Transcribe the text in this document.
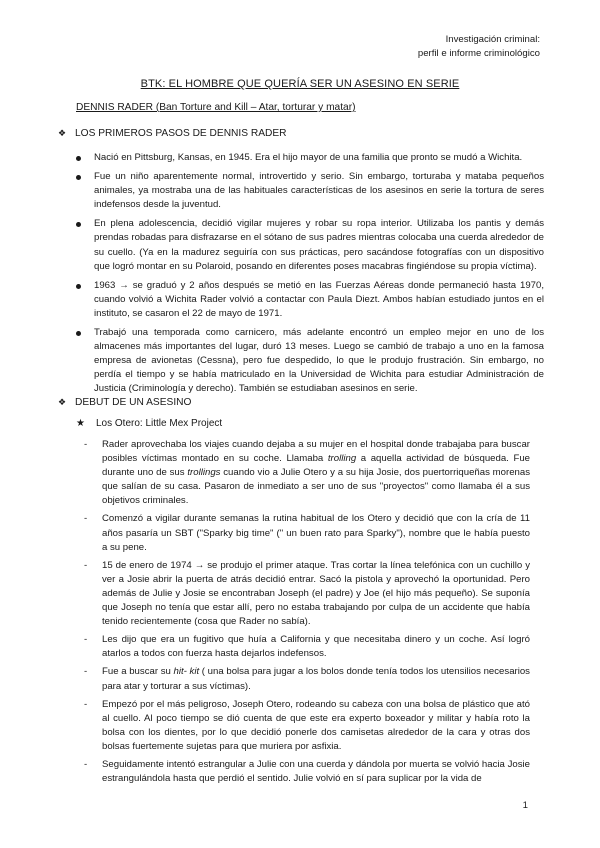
Investigación criminal:
perfil e informe criminológico
BTK: EL HOMBRE QUE QUERÍA SER UN ASESINO EN SERIE
DENNIS RADER (Ban Torture and Kill – Atar, torturar y matar)
❖ LOS PRIMEROS PASOS DE DENNIS RADER
Nació en Pittsburg, Kansas, en 1945. Era el hijo mayor de una familia que pronto se mudó a Wichita.
Fue un niño aparentemente normal, introvertido y serio. Sin embargo, torturaba y mataba pequeños animales, ya mostraba una de las habituales características de los asesinos en serie la tortura de seres indefensos desde la juventud.
En plena adolescencia, decidió vigilar mujeres y robar su ropa interior. Utilizaba los pantis y demás prendas robadas para disfrazarse en el sótano de sus padres mientras colocaba una cuerda alrededor de su cuello. (Ya en la madurez seguiría con sus prácticas, pero sacándose fotografías con un dispositivo que logró montar en su Polaroid, posando en diferentes poses macabras fingiéndose su propia víctima).
1963 → se graduó y 2 años después se metió en las Fuerzas Aéreas donde permaneció hasta 1970, cuando volvió a Wichita Rader volvió a contactar con Paula Diezt. Ambos habían estudiado juntos en el instituto, se casaron el 22 de mayo de 1971.
Trabajó una temporada como carnicero, más adelante encontró un empleo mejor en uno de los almacenes más importantes del lugar, duró 13 meses. Luego se cambió de trabajo a uno en la famosa empresa de avionetas (Cessna), pero fue despedido, lo que le produjo frustración. Sin embargo, no perdía el tiempo y se había matriculado en la Universidad de Wichita para estudiar Administración de Justicia (Criminología y derecho). También se estudiaban asesinos en serie.
❖ DEBUT DE UN ASESINO
★	Los Otero: Little Mex Project
- Rader aprovechaba los viajes cuando dejaba a su mujer en el hospital donde trabajaba para buscar posibles víctimas montado en su coche. Llamaba trolling a aquella actividad de búsqueda. Fue durante uno de sus trollings cuando vio a Julie Otero y a su hija Josie, dos puertorriqueñas morenas que salían de su casa. Pasaron de inmediato a ser uno de sus "proyectos" como llamaba él a sus objetivos criminales.
- Comenzó a vigilar durante semanas la rutina habitual de los Otero y decidió que con la cría de 11 años pasaría un SBT ("Sparky big time" (" un buen rato para Sparky"), nombre que le había puesto a su pene.
- 15 de enero de 1974 → se produjo el primer ataque. Tras cortar la línea telefónica con un cuchillo y ver a Josie abrir la puerta de atrás decidió entrar. Sacó la pistola y aprovechó la oportunidad. Pero además de Julie y Josie se encontraban Joseph (el padre) y Joe (el hijo más pequeño). Se suponía que Joseph no tenía que estar allí, pero no estaba trabajando por culpa de un accidente que había tenido recientemente (cosa que Rader no sabía).
- Les dijo que era un fugitivo que huía a California y que necesitaba dinero y un coche. Así logró atarlos a todos con fuerza hasta dejarlos indefensos.
- Fue a buscar su hit- kit ( una bolsa para jugar a los bolos donde tenía todos los utensilios necesarios para atar y torturar a sus víctimas).
- Empezó por el más peligroso, Joseph Otero, rodeando su cabeza con una bolsa de plástico que ató al cuello. Al poco tiempo se dió cuenta de que este era experto boxeador y militar y había roto la bolsa con los dientes, por lo que decidió ponerle dos camisetas alrededor de la cara y otras dos bolsas fuertemente sujetas para que muriera por asfixia.
- Seguidamente intentó estrangular a Julie con una cuerda y dándola por muerta se volvió hacia Josie estrangulándola hasta que perdió el sentido. Julie volvió en sí para suplicar por la vida de
1
